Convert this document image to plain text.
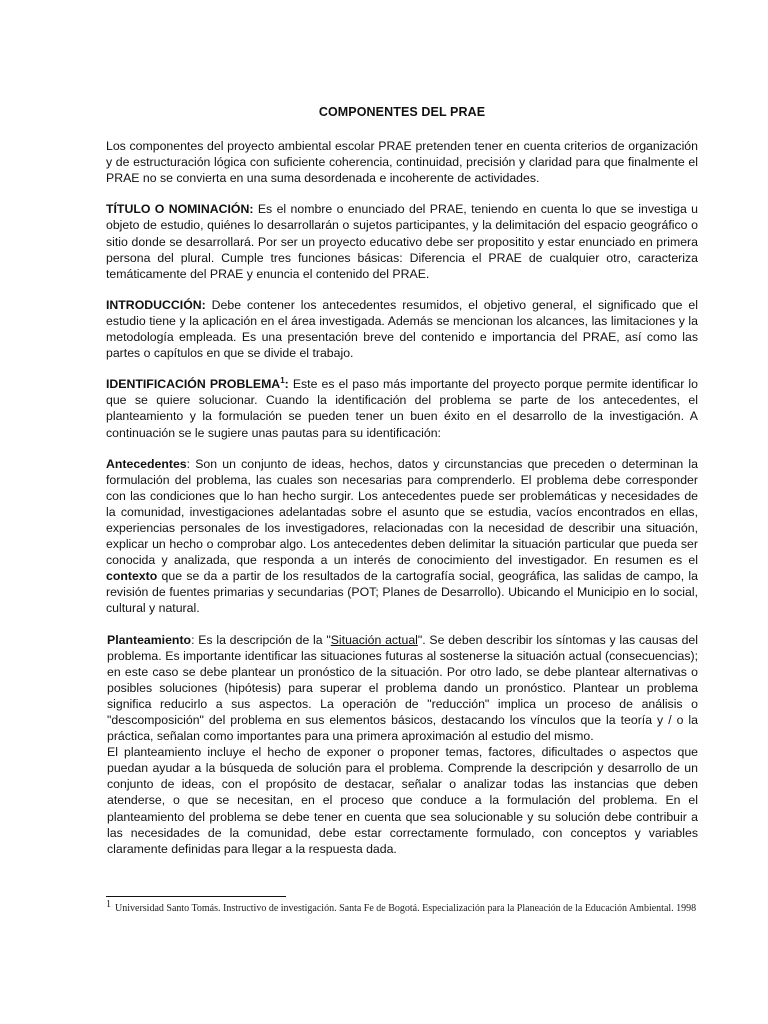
COMPONENTES DEL PRAE

Los componentes del proyecto ambiental escolar PRAE pretenden tener en cuenta criterios de organización y de estructuración lógica con suficiente coherencia, continuidad, precisión y claridad para que finalmente el PRAE no se convierta en una suma desordenada e incoherente de actividades.

TÍTULO O NOMINACIÓN: Es el nombre o enunciado del PRAE, teniendo en cuenta lo que se investiga u objeto de estudio, quiénes lo desarrollarán o sujetos participantes, y la delimitación del espacio geográfico o sitio donde se desarrollará. Por ser un proyecto educativo debe ser propositito y estar enunciado en primera persona del plural. Cumple tres funciones básicas: Diferencia el PRAE de cualquier otro, caracteriza temáticamente del PRAE y enuncia el contenido del PRAE.

INTRODUCCIÓN: Debe contener los antecedentes resumidos, el objetivo general, el significado que el estudio tiene y la aplicación en el área investigada. Además se mencionan los alcances, las limitaciones y la metodología empleada. Es una presentación breve del contenido e importancia del PRAE, así como las partes o capítulos en que se divide el trabajo.

IDENTIFICACIÓN PROBLEMA$^1$: Este es el paso más importante del proyecto porque permite identificar lo que se quiere solucionar. Cuando la identificación del problema se parte de los antecedentes, el planteamiento y la formulación se pueden tener un buen éxito en el desarrollo de la investigación. A continuación se le sugiere unas pautas para su identificación:

Antecedentes: Son un conjunto de ideas, hechos, datos y circunstancias que preceden o determinan la formulación del problema, las cuales son necesarias para comprenderlo. El problema debe corresponder con las condiciones que lo han hecho surgir. Los antecedentes puede ser problemáticas y necesidades de la comunidad, investigaciones adelantadas sobre el asunto que se estudia, vacíos encontrados en ellas, experiencias personales de los investigadores, relacionadas con la necesidad de describir una situación, explicar un hecho o comprobar algo. Los antecedentes deben delimitar la situación particular que pueda ser conocida y analizada, que responda a un interés de conocimiento del investigador. En resumen es el contexto que se da a partir de los resultados de la cartografía social, geográfica, las salidas de campo, la revisión de fuentes primarias y secundarias (POT; Planes de Desarrollo). Ubicando el Municipio en lo social, cultural y natural.

Planteamiento: Es la descripción de la "Situación actual". Se deben describir los síntomas y las causas del problema. Es importante identificar las situaciones futuras al sostenerse la situación actual (consecuencias); en este caso se debe plantear un pronóstico de la situación. Por otro lado, se debe plantear alternativas o posibles soluciones (hipótesis) para superar el problema dando un pronóstico. Plantear un problema significa reducirlo a sus aspectos. La operación de "reducción" implica un proceso de análisis o "descomposición" del problema en sus elementos básicos, destacando los vínculos que la teoría y / o la práctica, señalan como importantes para una primera aproximación al estudio del mismo.

El planteamiento incluye el hecho de exponer o proponer temas, factores, dificultades o aspectos que puedan ayudar a la búsqueda de solución para el problema. Comprende la descripción y desarrollo de un conjunto de ideas, con el propósito de destacar, señalar o analizar todas las instancias que deben atenderse, o que se necesitan, en el proceso que conduce a la formulación del problema. En el planteamiento del problema se debe tener en cuenta que sea solucionable y su solución debe contribuir a las necesidades de la comunidad, debe estar correctamente formulado, con conceptos y variables claramente definidas para llegar a la respuesta dada.

1 Universidad Santo Tomás. Instructivo de investigación. Santa Fe de Bogotá. Especialización para la Planeación de la Educación Ambiental. 1998
